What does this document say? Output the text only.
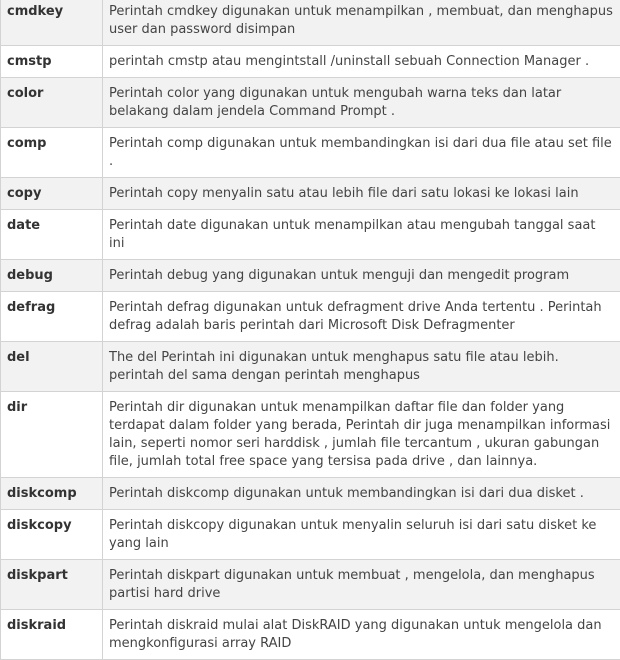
cmdkey	Perintah cmdkey digunakan untuk menampilkan , membuat, dan menghapus user dan password disimpan
cmstp	perintah cmstp atau mengintstall /uninstall sebuah Connection Manager .
color	Perintah color yang digunakan untuk mengubah warna teks dan latar belakang dalam jendela Command Prompt .
comp	Perintah comp digunakan untuk membandingkan isi dari dua file atau set file .
copy	Perintah copy menyalin satu atau lebih file dari satu lokasi ke lokasi lain
date	Perintah date digunakan untuk menampilkan atau mengubah tanggal saat ini
debug	Perintah debug yang digunakan untuk menguji dan mengedit program
defrag	Perintah defrag digunakan untuk defragment drive Anda tertentu . Perintah defrag adalah baris perintah dari Microsoft Disk Defragmenter
del	The del Perintah ini digunakan untuk menghapus satu file atau lebih. perintah del sama dengan perintah menghapus
dir	Perintah dir digunakan untuk menampilkan daftar file dan folder yang terdapat dalam folder yang berada, Perintah dir juga menampilkan informasi lain, seperti nomor seri harddisk , jumlah file tercantum , ukuran gabungan file, jumlah total free space yang tersisa pada drive , dan lainnya.
diskcomp	Perintah diskcomp digunakan untuk membandingkan isi dari dua disket .
diskcopy	Perintah diskcopy digunakan untuk menyalin seluruh isi dari satu disket ke yang lain
diskpart	Perintah diskpart digunakan untuk membuat , mengelola, dan menghapus partisi hard drive
diskraid	Perintah diskraid mulai alat DiskRAID yang digunakan untuk mengelola dan mengkonfigurasi array RAID
